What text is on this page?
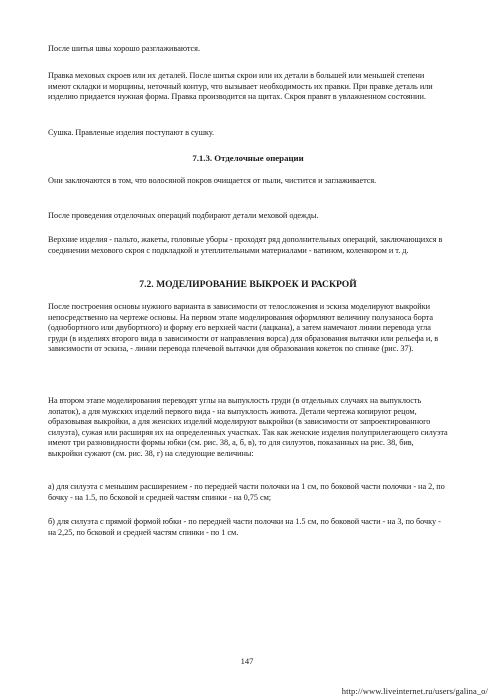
После шитья швы хорошо разглаживаются.

Правка меховых скроев или их деталей. После шитья скрои или их детали в большей или меньшей степени имеют складки и морщины, неточный контур, что вызывает необходимость их правки. При правке деталь или изделию придается нужная форма. Правка производится на щитах. Скроя правят в увлажненном состоянии.

Сушка. Правленые изделия поступают в сушку.

7.1.3. Отделочные операции

Они заключаются в том, что волосяной покров очищается от пыли, чистится и заглаживается.

После проведения отделочных операций подбирают детали меховой одежды.

Верхние изделия - пальто, жакеты, головные уборы - проходят ряд дополнительных операций, заключающихся в соединении мехового скроя с подкладкой и утеплительными материалами - ватином, коленкором и т. д.

7.2. МОДЕЛИРОВАНИЕ ВЫКРОЕК И РАСКРОЙ

После построения основы нужного варианта в зависимости от телосложения и эскиза моделируют выкройки непосредственно на чертеже основы. На первом этапе моделирования оформляют величину полузаноса борта (однобортного или двубортного) и форму его верхней части (лацкана), а затем намечают линии перевода угла груди (в изделиях второго вида в зависимости от направления ворса) для образования вытачки или рельефа и, в зависимости от эскиза, - линии перевода плечевой вытачки для образования кокеток по спинке (рис. 37).

На втором этапе моделирования переводят углы на выпуклость груди (в отдельных случаях на выпуклость лопаток), а для мужских изделий первого вида - на выпуклость живота. Детали чертежа копируют рецом, образовывая выкройки, а для женских изделий моделируют выкройки (в зависимости от запроектированного силуэта), сужая или расширяя их на определенных участках. Так как женские изделия полуприлегающего силуэта имеют три разновидности формы юбки (см. рис. 38, а, б, в), то для силуэтов, показанных на рис. 38, бив, выкройки сужают (см. рис. 38, г) на следующие величины:

а) для силуэта с меньшим расширением - по передней части полочки на 1 см, по боковой части полочки - на 2, по бочку - на 1.5, по бсковой и средней частям спинки - на 0,75 см;

б) для силуэта с прямой формой юбки - по передней части полочки на 1.5 см, по боковой части - на 3, по бочку - на 2,25, по бсковой и средней частям спинки - по 1 см.

147
http://www.liveinternet.ru/users/galina_o/
